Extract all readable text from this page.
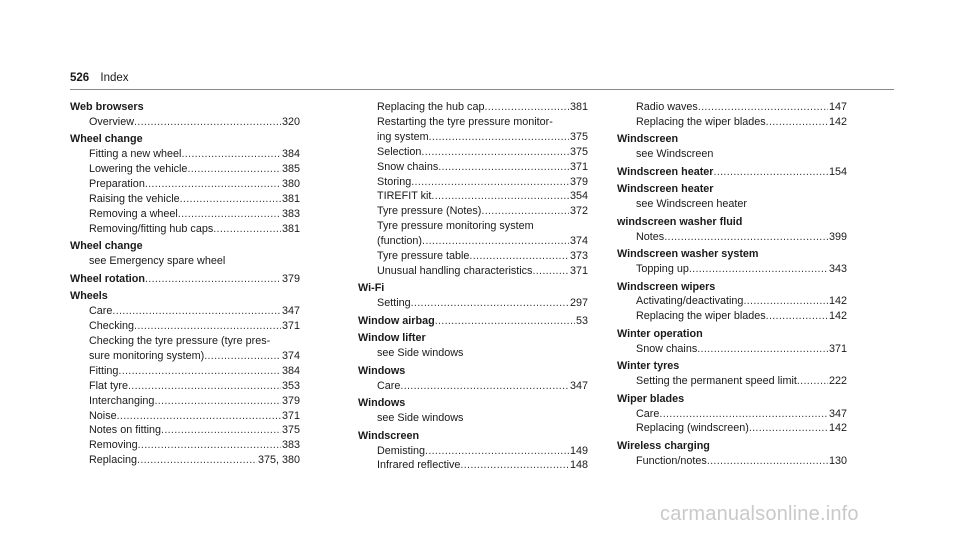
526 Index
Web browsers
Overview .....	320
Wheel change
Fitting a new wheel .....	384
Lowering the vehicle .....	385
Preparation .....	380
Raising the vehicle .....	381
Removing a wheel .....	383
Removing/fitting hub caps .....	381
Wheel change
see Emergency spare wheel
Wheel rotation .....	379
Wheels
Care .....	347
Checking .....	371
Checking the tyre pressure (tyre pres-
sure monitoring system) .....	374
Fitting .....	384
Flat tyre .....	353
Interchanging .....	379
Noise .....	371
Notes on fitting .....	375
Removing .....	383
Replacing .....	375, 380
Replacing the hub cap .....	381
Restarting the tyre pressure monitor-
ing system .....	375
Selection .....	375
Snow chains .....	371
Storing .....	379
TIREFIT kit .....	354
Tyre pressure (Notes) .....	372
Tyre pressure monitoring system
(function) .....	374
Tyre pressure table .....	373
Unusual handling characteristics .....	371
Wi-Fi
Setting .....	297
Window airbag .....	53
Window lifter
see Side windows
Windows
Care .....	347
Windows
see Side windows
Windscreen
Demisting .....	149
Infrared reflective .....	148
Radio waves .....	147
Replacing the wiper blades .....	142
Windscreen
see Windscreen
Windscreen heater .....	154
Windscreen heater
see Windscreen heater
windscreen washer fluid
Notes .....	399
Windscreen washer system
Topping up .....	343
Windscreen wipers
Activating/deactivating .....	142
Replacing the wiper blades .....	142
Winter operation
Snow chains .....	371
Winter tyres
Setting the permanent speed limit .....	222
Wiper blades
Care .....	347
Replacing (windscreen) .....	142
Wireless charging
Function/notes .....	130
carmanualsonline.info
